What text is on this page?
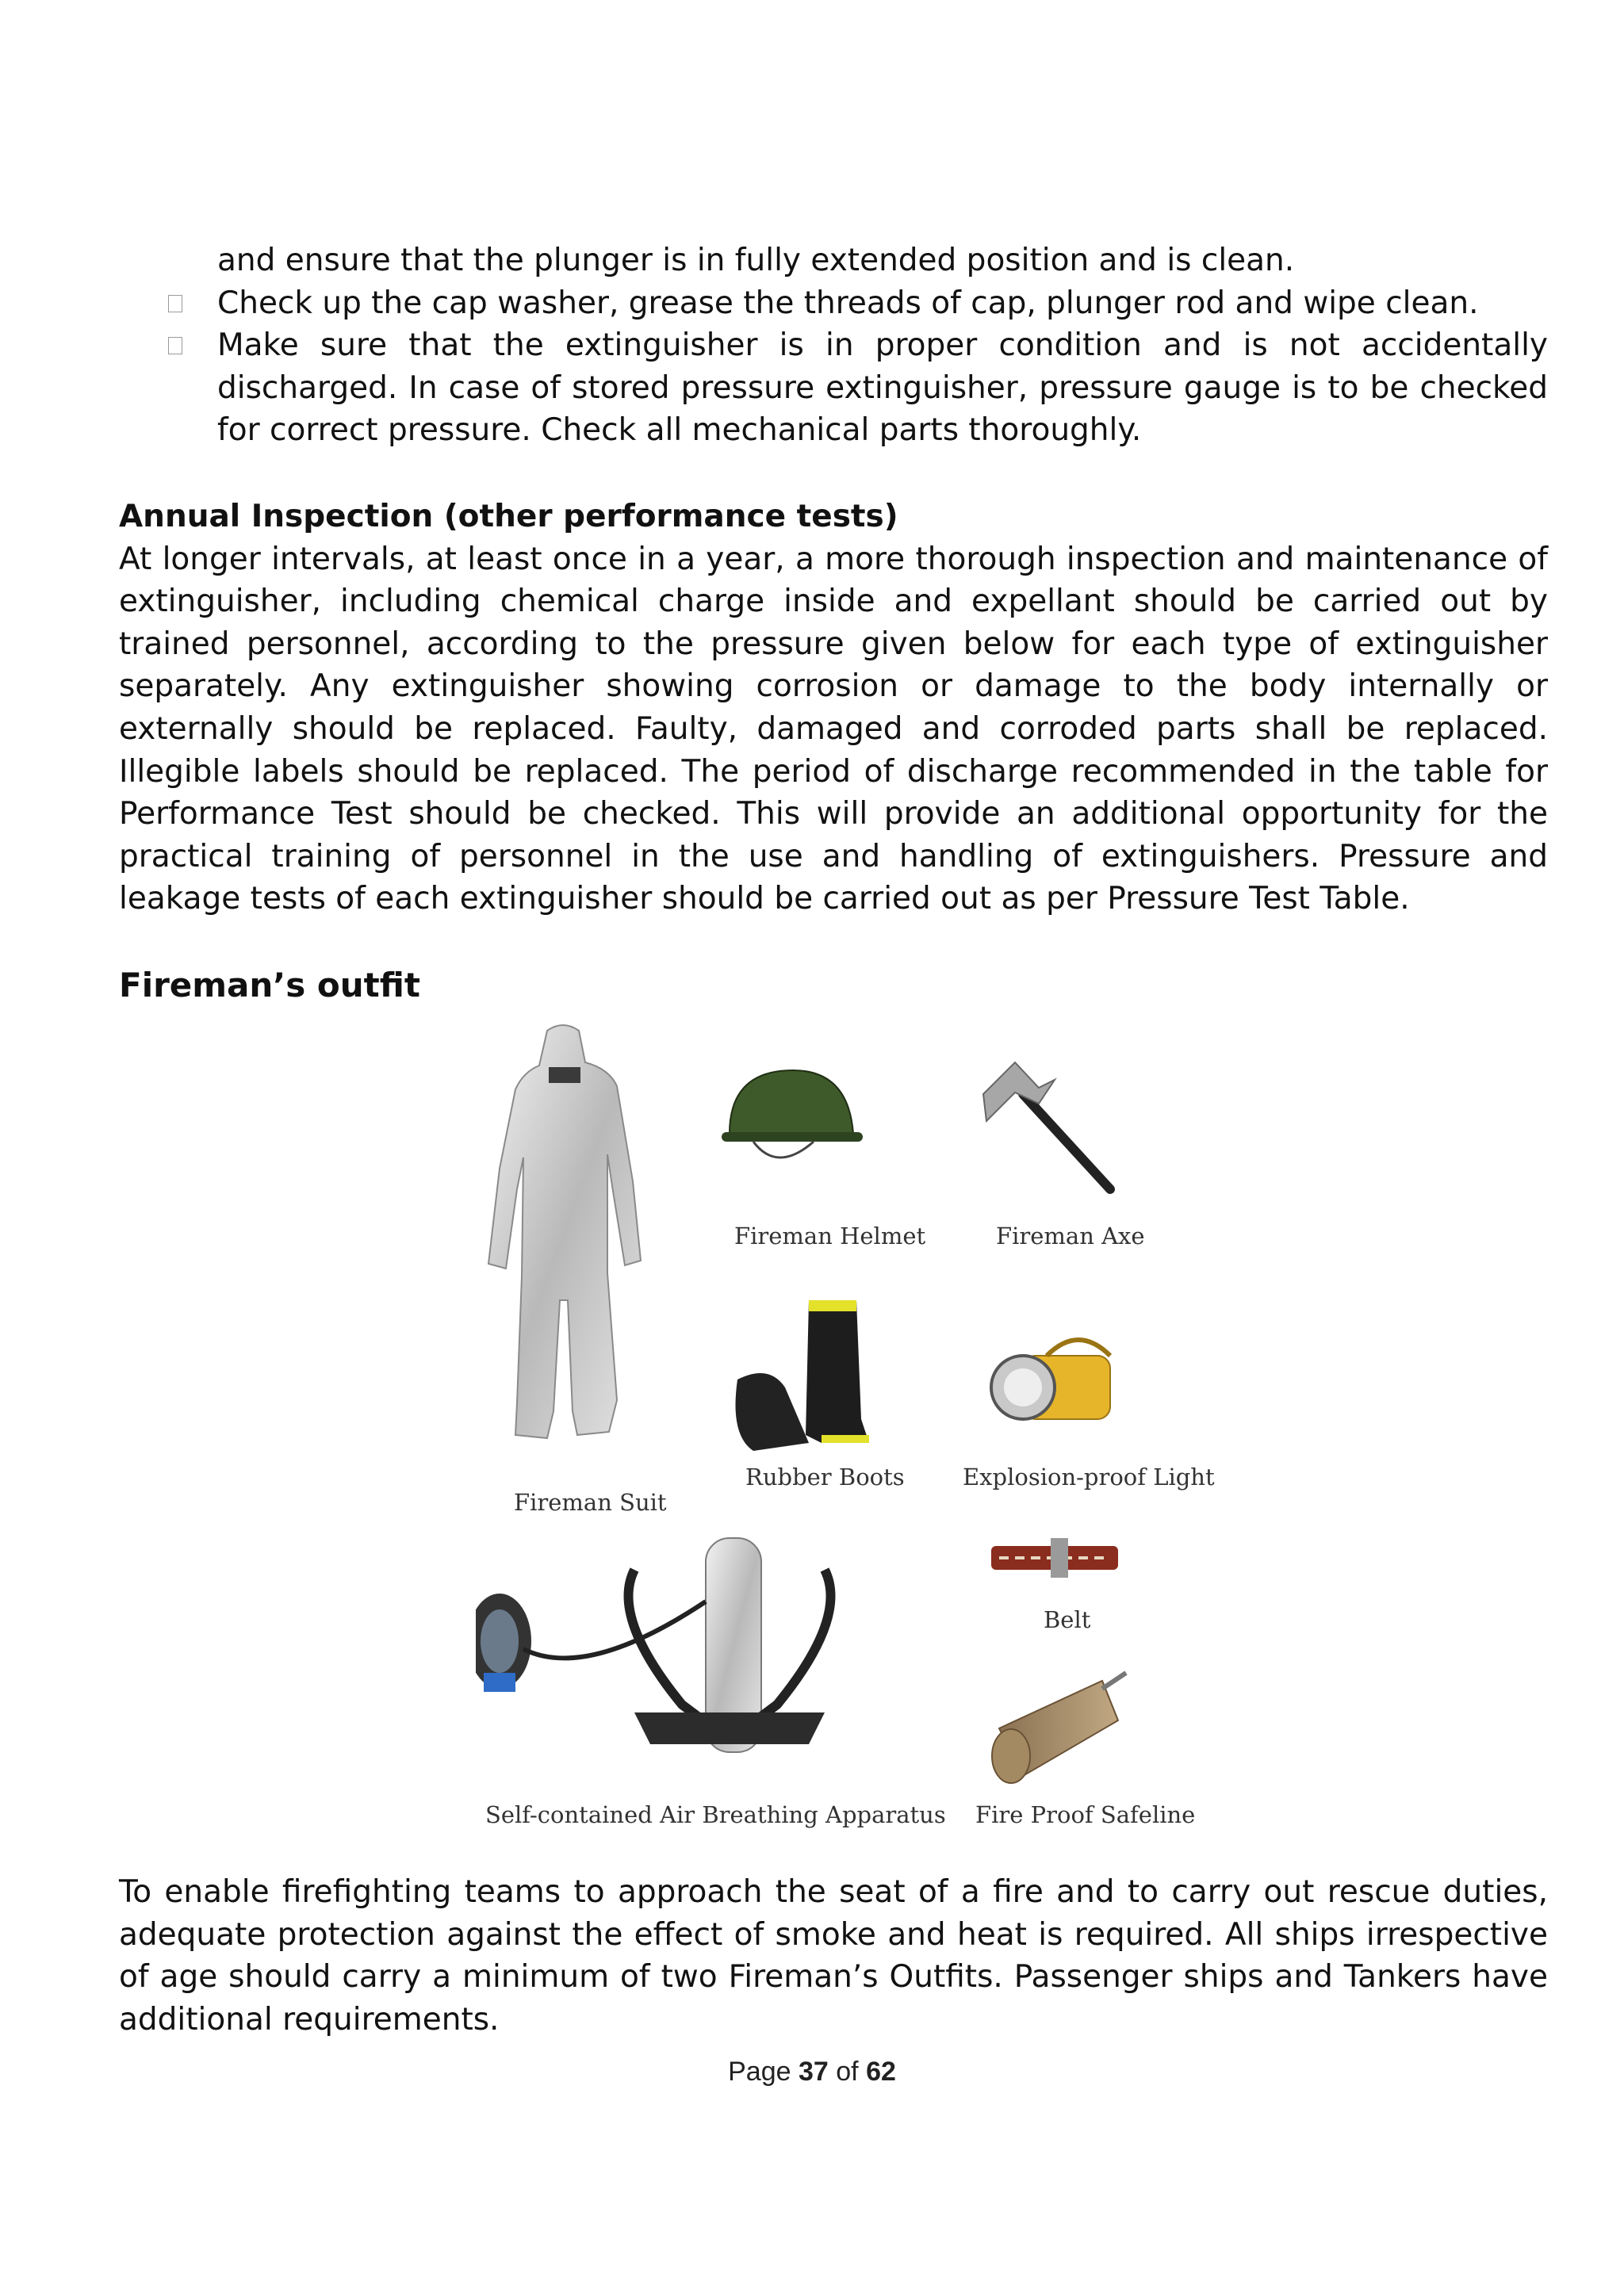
and ensure that the plunger is in fully extended position and is clean.
Check up the cap washer, grease the threads of cap, plunger rod and wipe clean.
Make sure that the extinguisher is in proper condition and is not accidentally discharged. In case of stored pressure extinguisher, pressure gauge is to be checked for correct pressure. Check all mechanical parts thoroughly.
Annual Inspection (other performance tests)
At longer intervals, at least once in a year, a more thorough inspection and maintenance of extinguisher, including chemical charge inside and expellant should be carried out by trained personnel, according to the pressure given below for each type of extinguisher separately. Any extinguisher showing corrosion or damage to the body internally or externally should be replaced. Faulty, damaged and corroded parts shall be replaced. Illegible labels should be replaced. The period of discharge recommended in the table for Performance Test should be checked. This will provide an additional opportunity for the practical training of personnel in the use and handling of extinguishers. Pressure and leakage tests of each extinguisher should be carried out as per Pressure Test Table.
Fireman’s outfit
Fireman Suit
Fireman Helmet	Fireman Axe
Rubber Boots	Explosion-proof Light
Belt
Self-contained Air Breathing Apparatus Fire Proof Safeline
To enable firefighting teams to approach the seat of a fire and to carry out rescue duties, adequate protection against the effect of smoke and heat is required. All ships irrespective of age should carry a minimum of two Fireman’s Outfits. Passenger ships and Tankers have additional requirements.
Page 37 of 62
